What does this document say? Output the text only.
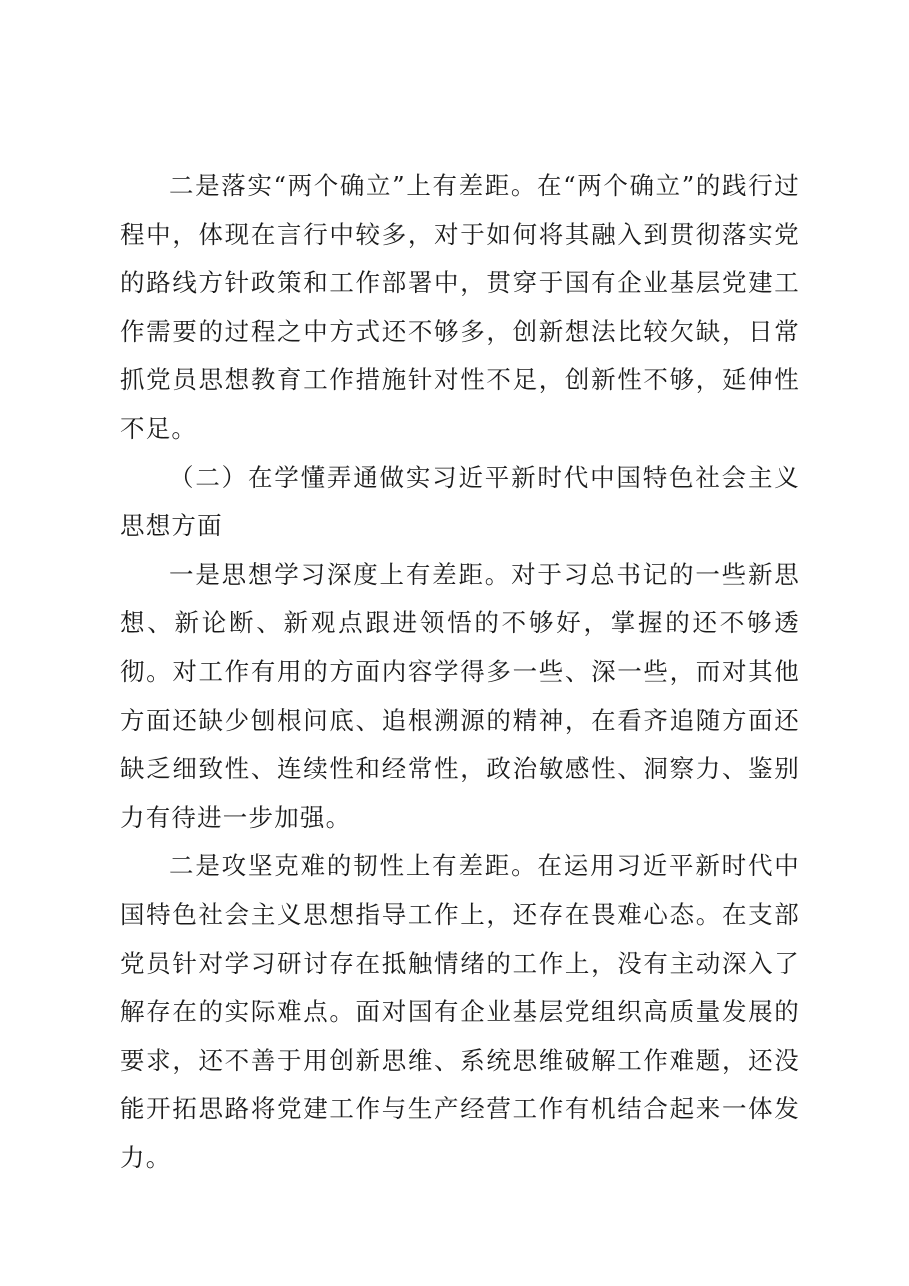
二是落实“两个确立”上有差距。在“两个确立”的践行过程中，体现在言行中较多，对于如何将其融入到贯彻落实党的路线方针政策和工作部署中，贯穿于国有企业基层党建工作需要的过程之中方式还不够多，创新想法比较欠缺，日常抓党员思想教育工作措施针对性不足，创新性不够，延伸性不足。

（二）在学懂弄通做实习近平新时代中国特色社会主义思想方面

一是思想学习深度上有差距。对于习总书记的一些新思想、新论断、新观点跟进领悟的不够好，掌握的还不够透彻。对工作有用的方面内容学得多一些、深一些，而对其他方面还缺少刨根问底、追根溯源的精神，在看齐追随方面还缺乏细致性、连续性和经常性，政治敏感性、洞察力、鉴别力有待进一步加强。

二是攻坚克难的韧性上有差距。在运用习近平新时代中国特色社会主义思想指导工作上，还存在畏难心态。在支部党员针对学习研讨存在抵触情绪的工作上，没有主动深入了解存在的实际难点。面对国有企业基层党组织高质量发展的要求，还不善于用创新思维、系统思维破解工作难题，还没能开拓思路将党建工作与生产经营工作有机结合起来一体发力。
